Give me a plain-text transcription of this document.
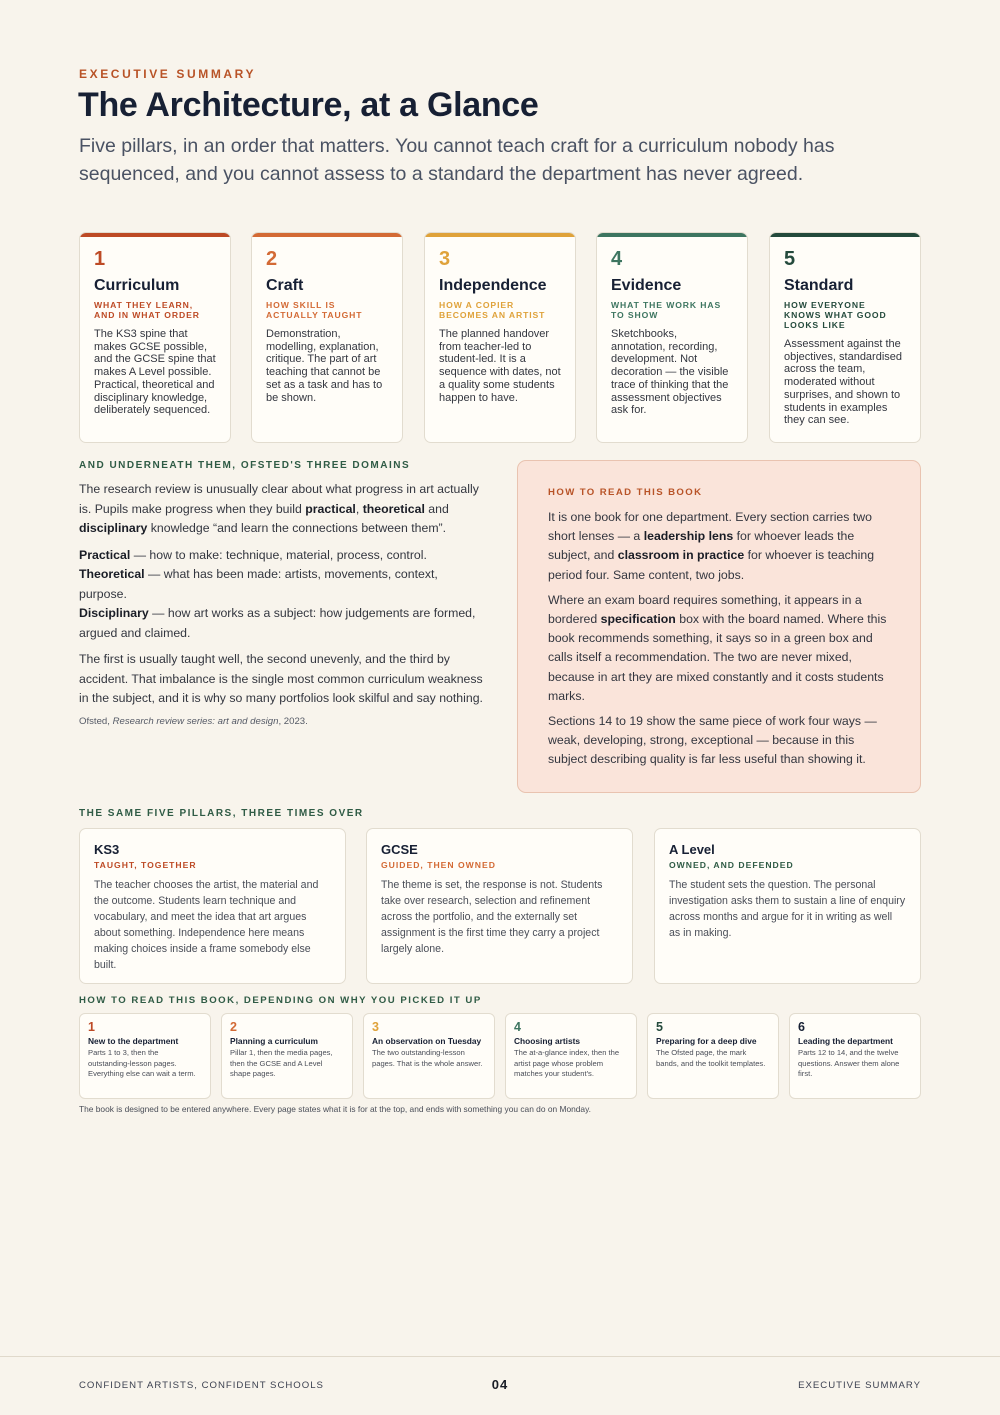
EXECUTIVE SUMMARY
The Architecture, at a Glance

Five pillars, in an order that matters. You cannot teach craft for a curriculum nobody has sequenced, and you cannot assess to a standard the department has never agreed.

1
Curriculum
WHAT THEY LEARN, AND IN WHAT ORDER
The KS3 spine that makes GCSE possible, and the GCSE spine that makes A Level possible. Practical, theoretical and disciplinary knowledge, deliberately sequenced.
2
Craft
HOW SKILL IS ACTUALLY TAUGHT
Demonstration, modelling, explanation, critique. The part of art teaching that cannot be set as a task and has to be shown.
3
Independence
HOW A COPIER BECOMES AN ARTIST
The planned handover from teacher-led to student-led. It is a sequence with dates, not a quality some students happen to have.
4
Evidence
WHAT THE WORK HAS TO SHOW
Sketchbooks, annotation, recording, development. Not decoration — the visible trace of thinking that the assessment objectives ask for.
5
Standard
HOW EVERYONE KNOWS WHAT GOOD LOOKS LIKE
Assessment against the objectives, standardised across the team, moderated without surprises, and shown to students in examples they can see.
AND UNDERNEATH THEM, OFSTED'S THREE DOMAINS

The research review is unusually clear about what progress in art actually is. Pupils make progress when they build practical, theoretical and disciplinary knowledge “and learn the connections between them”.

Practical — how to make: technique, material, process, control.
Theoretical — what has been made: artists, movements, context, purpose.
Disciplinary — how art works as a subject: how judgements are formed, argued and claimed.

The first is usually taught well, the second unevenly, and the third by accident. That imbalance is the single most common curriculum weakness in the subject, and it is why so many portfolios look skilful and say nothing.

Ofsted, Research review series: art and design, 2023.
HOW TO READ THIS BOOK

It is one book for one department. Every section carries two short lenses — a leadership lens for whoever leads the subject, and classroom in practice for whoever is teaching period four. Same content, two jobs.

Where an exam board requires something, it appears in a bordered specification box with the board named. Where this book recommends something, it says so in a green box and calls itself a recommendation. The two are never mixed, because in art they are mixed constantly and it costs students marks.

Sections 14 to 19 show the same piece of work four ways — weak, developing, strong, exceptional — because in this subject describing quality is far less useful than showing it.

THE SAME FIVE PILLARS, THREE TIMES OVER
KS3
TAUGHT, TOGETHER
The teacher chooses the artist, the material and the outcome. Students learn technique and vocabulary, and meet the idea that art argues about something. Independence here means making choices inside a frame somebody else built.
GCSE
GUIDED, THEN OWNED
The theme is set, the response is not. Students take over research, selection and refinement across the portfolio, and the externally set assignment is the first time they carry a project largely alone.
A Level
OWNED, AND DEFENDED
The student sets the question. The personal investigation asks them to sustain a line of enquiry across months and argue for it in writing as well as in making.
HOW TO READ THIS BOOK, DEPENDING ON WHY YOU PICKED IT UP
1
New to the department
Parts 1 to 3, then the outstanding-lesson pages. Everything else can wait a term.
2
Planning a curriculum
Pillar 1, then the media pages, then the GCSE and A Level shape pages.
3
An observation on Tuesday
The two outstanding-lesson pages. That is the whole answer.
4
Choosing artists
The at-a-glance index, then the artist page whose problem matches your student's.
5
Preparing for a deep dive
The Ofsted page, the mark bands, and the toolkit templates.
6
Leading the department
Parts 12 to 14, and the twelve questions. Answer them alone first.
The book is designed to be entered anywhere. Every page states what it is for at the top, and ends with something you can do on Monday.
CONFIDENT ARTISTS, CONFIDENT SCHOOLS	04	EXECUTIVE SUMMARY
